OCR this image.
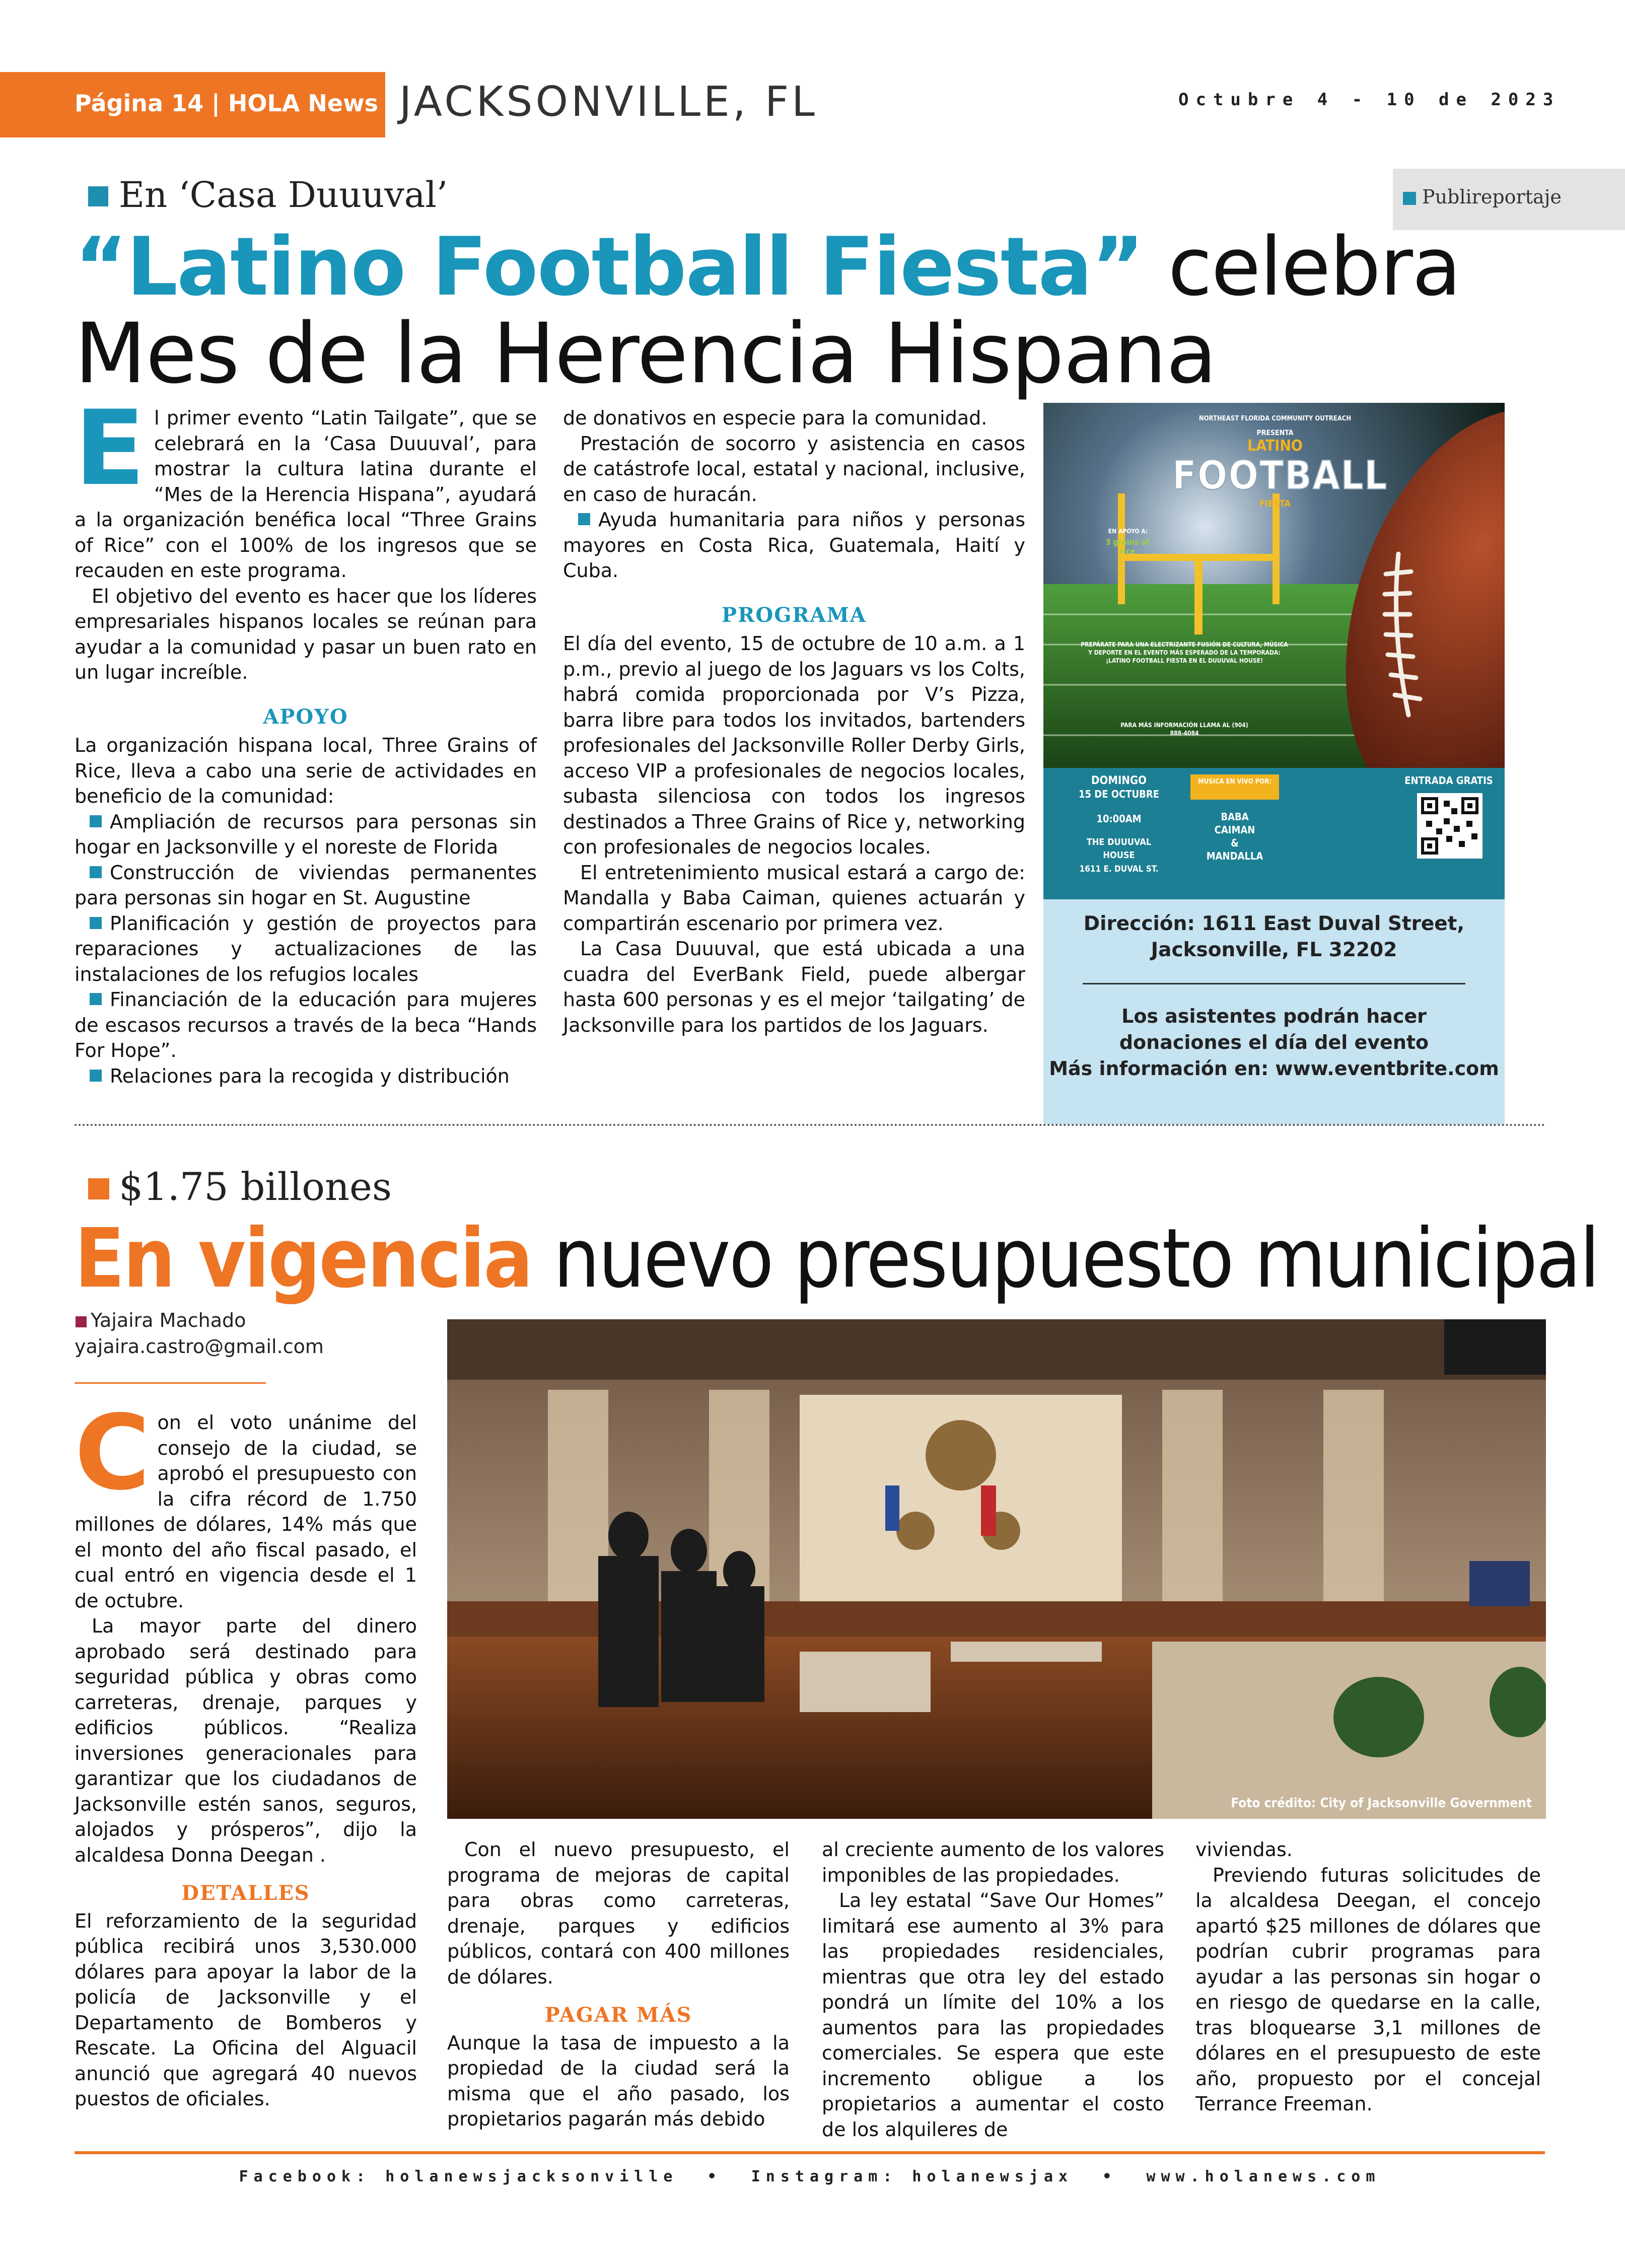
Página 14 | HOLA News JACKSONVILLE, FL	Octubre 4 - 10 de 2023
En ‘Casa Duuuval’	Publireportaje
“Latino Football Fiesta” celebra
Mes de la Herencia Hispana
E l primer evento “Latin Tailgate”, que se celebrará en la ‘Casa Duuuval’, para mostrar la cultura latina durante el “Mes de la Herencia Hispana”, ayudará a la organización benéfica local “Three Grains of Rice” con el 100% de los ingresos que se recauden en este programa.

El objetivo del evento es hacer que los líderes empresariales hispanos locales se reúnan para ayudar a la comunidad y pasar un buen rato en un lugar increíble.

APOYO

La organización hispana local, Three Grains of Rice, lleva a cabo una serie de actividades en beneficio de la comunidad:

Ampliación de recursos para personas sin hogar en Jacksonville y el noreste de Florida

Construcción de viviendas permanentes para personas sin hogar en St. Augustine

Planificación y gestión de proyectos para reparaciones y actualizaciones de las instalaciones de los refugios locales

Financiación de la educación para mujeres de escasos recursos a través de la beca “Hands For Hope”.

Relaciones para la recogida y distribución

de donativos en especie para la comunidad.

Prestación de socorro y asistencia en casos de catástrofe local, estatal y nacional, inclusive, en caso de huracán.

Ayuda humanitaria para niños y personas mayores en Costa Rica, Guatemala, Haití y Cuba.

PROGRAMA

El día del evento, 15 de octubre de 10 a.m. a 1 p.m., previo al juego de los Jaguars vs los Colts, habrá comida proporcionada por V’s Pizza, barra libre para todos los invitados, bartenders profesionales del Jacksonville Roller Derby Girls, acceso VIP a profesionales de negocios locales, subasta silenciosa con todos los ingresos destinados a Three Grains of Rice y, networking con profesionales de negocios locales.

El entretenimiento musical estará a cargo de: Mandalla y Baba Caiman, quienes actuarán y compartirán escenario por primera vez.

La Casa Duuuval, que está ubicada a una cuadra del EverBank Field, puede albergar hasta 600 personas y es el mejor ‘tailgating’ de Jacksonville para los partidos de los Jaguars.

NORTHEAST FLORIDA COMMUNITY OUTREACH
PRESENTA
LATINO
FOOTBALL
FIESTA
EN APOYO A:
3 grains of rice
PREPÁRATE PARA UNA ELECTRIZANTE FUSIÓN DE CULTURA, MÚSICA Y DEPORTE EN EL EVENTO MÁS ESPERADO DE LA TEMPORADA: ¡LATINO FOOTBALL FIESTA EN EL DUUUVAL HOUSE!
PARA MÁS INFORMACIÓN LLAMA AL (904) 888-4084
DOMINGO
15 DE OCTUBRE
10:00AM
THE DUUUVAL
HOUSE
1611 E. DUVAL ST.
MUSICA EN VIVO POR:
BABA
CAIMAN
&
MANDALLA
ENTRADA GRATIS
Dirección: 1611 East Duval Street,
Jacksonville, FL 32202
Los asistentes podrán hacer
donaciones el día del evento
Más información en: www.eventbrite.com
$1.75 billones
En vigencia nuevo presupuesto municipal
Yajaira Machado
yajaira.castro@gmail.com
Foto crédito: City of Jacksonville Government
C on el voto unánime del consejo de la ciudad, se aprobó el presupuesto con la cifra récord de 1.750 millones de dólares, 14% más que el monto del año fiscal pasado, el cual entró en vigencia desde el 1 de octubre.

La mayor parte del dinero aprobado será destinado para seguridad pública y obras como carreteras, drenaje, parques y edificios públicos. “Realiza inversiones generacionales para garantizar que los ciudadanos de Jacksonville estén sanos, seguros, alojados y prósperos”, dijo la alcaldesa Donna Deegan .

DETALLES

El reforzamiento de la seguridad pública recibirá unos 3,530.000 dólares para apoyar la labor de la policía de Jacksonville y el Departamento de Bomberos y Rescate. La Oficina del Alguacil anunció que agregará 40 nuevos puestos de oficiales.

Con el nuevo presupuesto, el programa de mejoras de capital para obras como carreteras, drenaje, parques y edificios públicos, contará con 400 millones de dólares.

PAGAR MÁS

Aunque la tasa de impuesto a la propiedad de la ciudad será la misma que el año pasado, los propietarios pagarán más debido

al creciente aumento de los valores imponibles de las propiedades.

La ley estatal “Save Our Homes” limitará ese aumento al 3% para las propiedades residenciales, mientras que otra ley del estado pondrá un límite del 10% a los aumentos para las propiedades comerciales. Se espera que este incremento obligue a los propietarios a aumentar el costo de los alquileres de

viviendas.

Previendo futuras solicitudes de la alcaldesa Deegan, el concejo apartó $25 millones de dólares que podrían cubrir programas para ayudar a las personas sin hogar o en riesgo de quedarse en la calle, tras bloquearse 3,1 millones de dólares en el presupuesto de este año, propuesto por el concejal Terrance Freeman.

Facebook: holanewsjacksonville  •  Instagram: holanewsjax  •  www.holanews.com
